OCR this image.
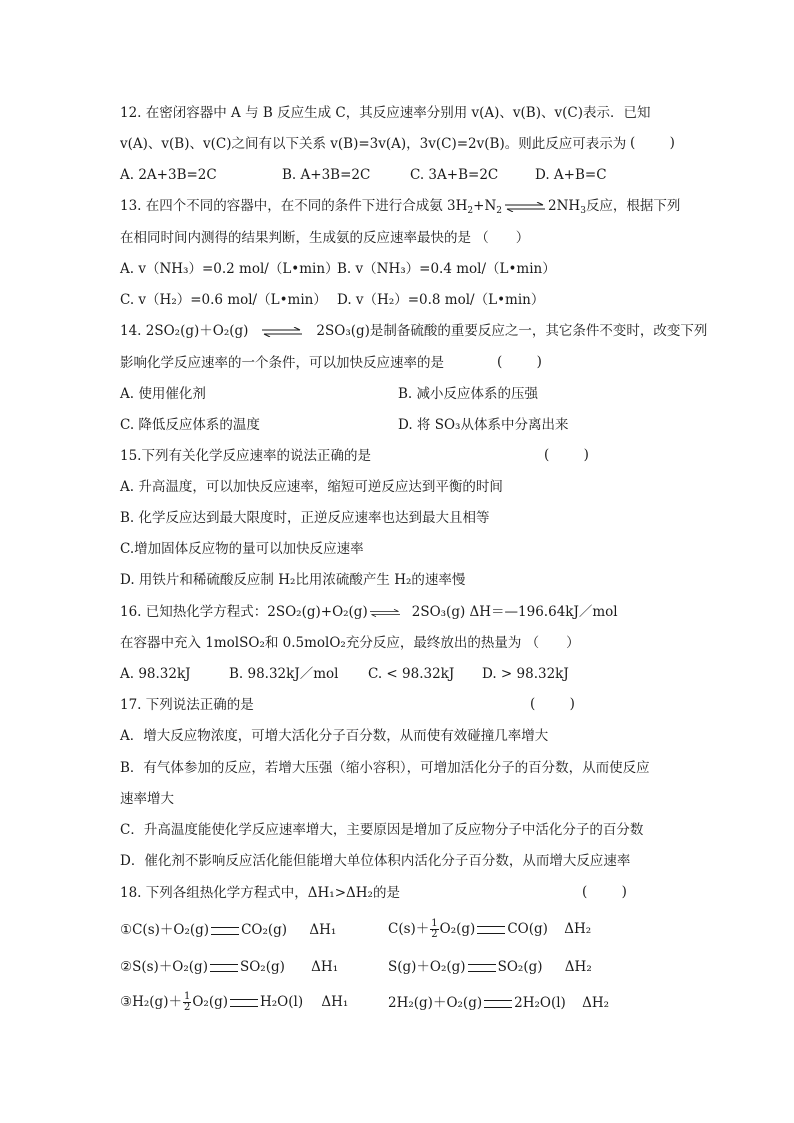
12. 在密闭容器中 A 与 B 反应生成 C，其反应速率分别用 v(A)、v(B)、v(C)表示．已知
v(A)、v(B)、v(C)之间有以下关系 v(B)=3v(A)，3v(C)=2v(B)。则此反应可表示为 (        )
A. 2A+3B=2C	B. A+3B=2C	C. 3A+B=2C	D. A+B=C
13. 在四个不同的容器中，在不同的条件下进行合成氨 $3H_2+N_2$ ⇌ $2NH_3$反应，根据下列
在相同时间内测得的结果判断，生成氨的反应速率最快的是 （　　）
A. v（NH₃）=0.2 mol/（L•min）
B. v（NH₃）=0.4 mol/（L•min）
C. v（H₂）=0.6 mol/（L•min） D. v（H₂）=0.8 mol/（L•min）
14. 2SO₂(g)＋O₂(g) ⇌ 2SO₃(g)是制备硫酸的重要反应之一，其它条件不变时，改变下列
影响化学反应速率的一个条件，可以加快反应速率的是	(        )
A. 使用催化剂	B. 减小反应体系的压强
C. 降低反应体系的温度	D. 将 SO₃从体系中分离出来
15.下列有关化学反应速率的说法正确的是	(        )
A. 升高温度，可以加快反应速率，缩短可逆反应达到平衡的时间
B. 化学反应达到最大限度时，正逆反应速率也达到最大且相等
C.增加固体反应物的量可以加快反应速率
D. 用铁片和稀硫酸反应制 H₂比用浓硫酸产生 H₂的速率慢
16. 已知热化学方程式：2SO₂(g)+O₂(g) ⇌ 2SO₃(g) ΔH＝—196.64kJ／mol
在容器中充入 1molSO₂和 0.5molO₂充分反应，最终放出的热量为 （　　）
A. 98.32kJ	B. 98.32kJ／mol C. < 98.32kJ D. > 98.32kJ
17. 下列说法正确的是	(        )
A．增大反应物浓度，可增大活化分子百分数，从而使有效碰撞几率增大
B．有气体参加的反应，若增大压强（缩小容积），可增加活化分子的百分数，从而使反应
速率增大
C．升高温度能使化学反应速率增大，主要原因是增加了反应物分子中活化分子的百分数
D．催化剂不影响反应活化能但能增大单位体积内活化分子百分数，从而增大反应速率
18. 下列各组热化学方程式中，ΔH₁>ΔH₂的是	(        )
①C(s)＋O₂(g) CO₂(g) ΔH₁	$C(s)+ \frac{1}{2} O_2(g)$ CO(g) ΔH₂
②S(s)＋O₂(g) SO₂(g) ΔH₁	S(g)＋O₂(g) SO₂(g) ΔH₂
③H₂(g)＋ $\frac{1}{2} O_2(g)$ H₂O(l) ΔH₁	2H₂(g)＋O₂(g) 2H₂O(l) ΔH₂
